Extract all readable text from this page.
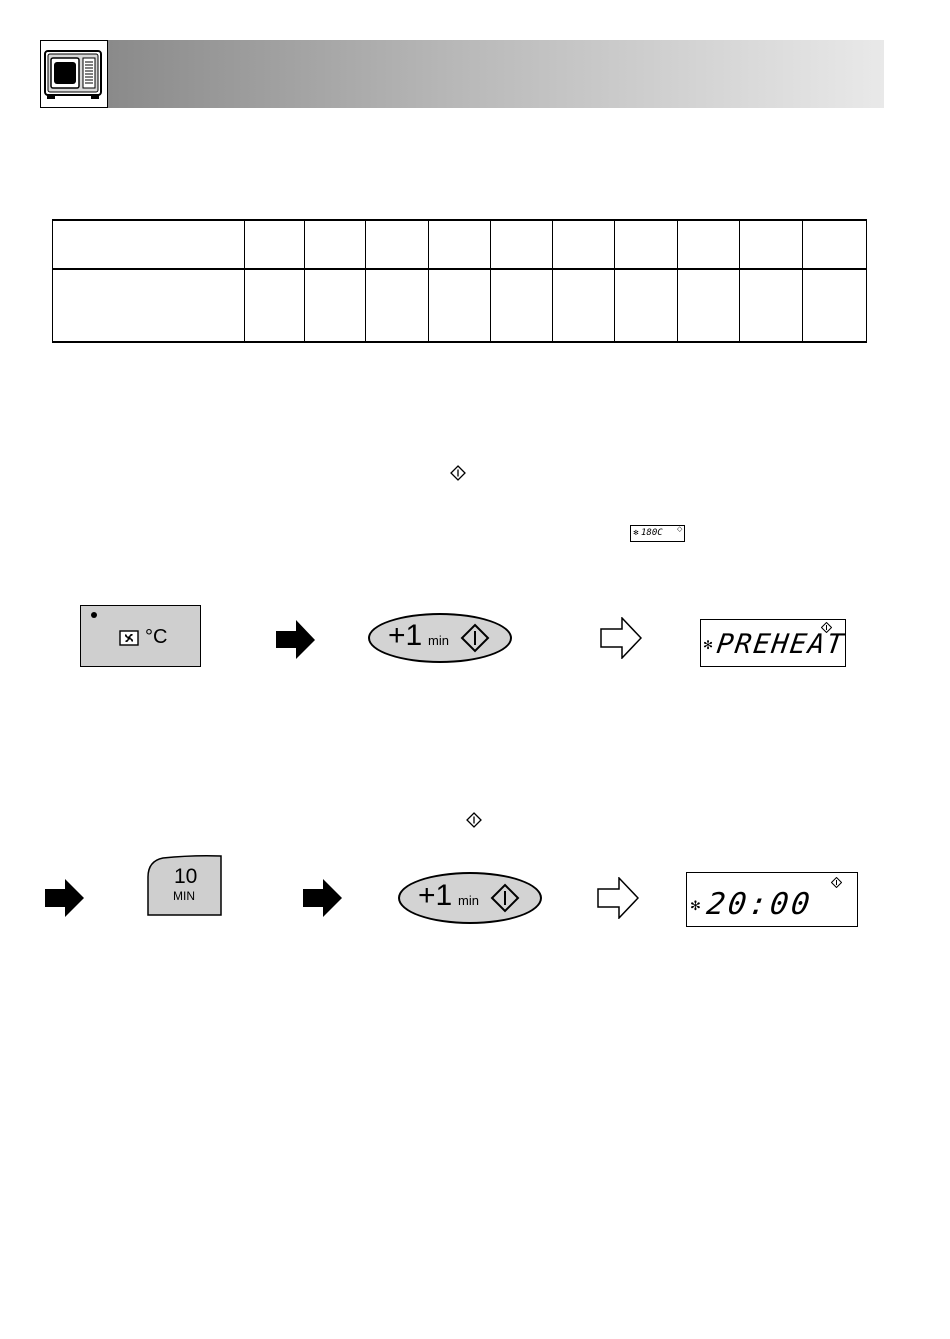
✻ 180C ◇
°C	+1 min	✻ PREHEAT
10
MIN	+1 min	✻ 20:00
